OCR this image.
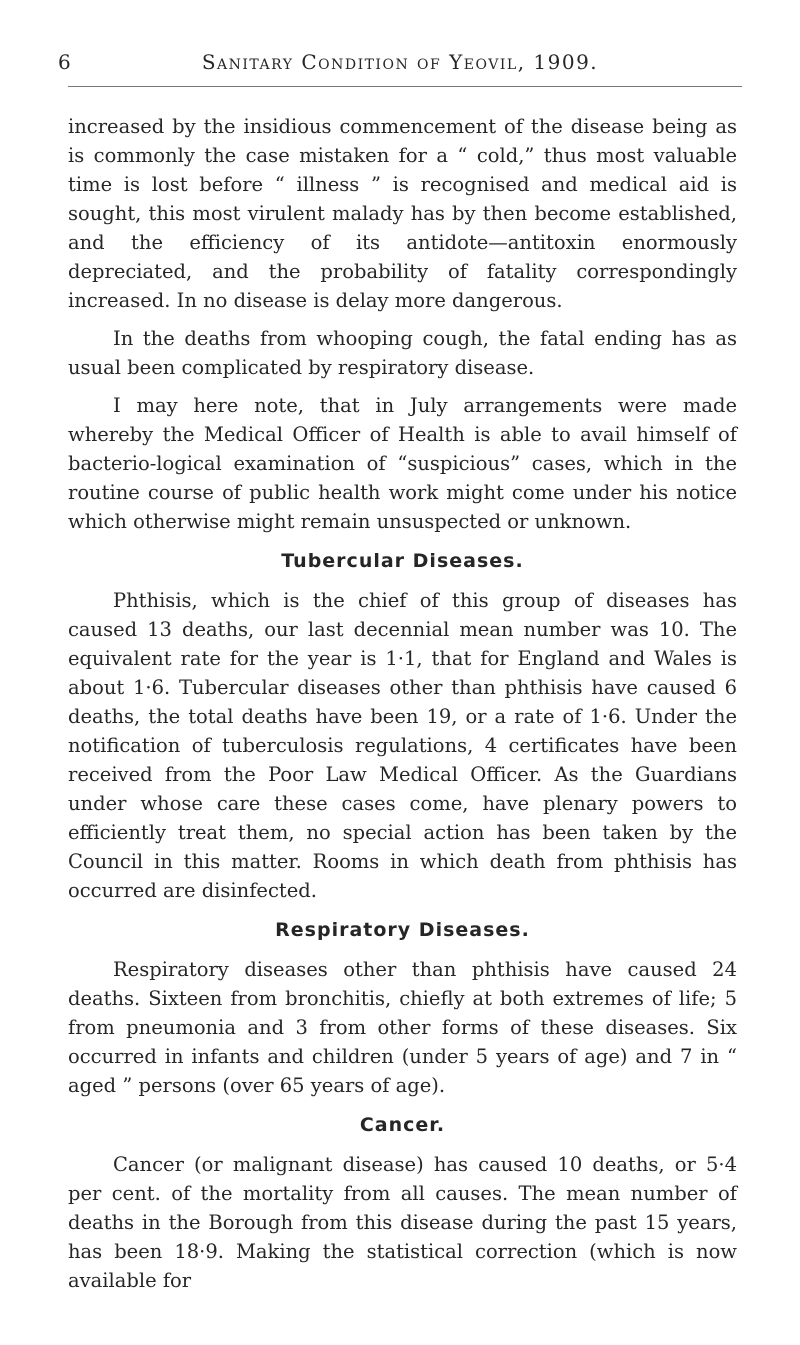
6	Sanitary Condition of Yeovil, 1909.

increased by the insidious commencement of the disease being as is commonly the case mistaken for a “ cold,” thus most valuable time is lost before “ illness ” is recognised and medical aid is sought, this most virulent malady has by then become established, and the efficiency of its antidote—antitoxin enormously depreciated, and the probability of fatality correspondingly increased. In no disease is delay more dangerous.

In the deaths from whooping cough, the fatal ending has as usual been complicated by respiratory disease.

I may here note, that in July arrangements were made whereby the Medical Officer of Health is able to avail himself of bacterio-logical examination of “suspicious” cases, which in the routine course of public health work might come under his notice which otherwise might remain unsuspected or unknown.

Tubercular Diseases.

Phthisis, which is the chief of this group of diseases has caused 13 deaths, our last decennial mean number was 10. The equivalent rate for the year is 1·1, that for England and Wales is about 1·6. Tubercular diseases other than phthisis have caused 6 deaths, the total deaths have been 19, or a rate of 1·6. Under the notification of tuberculosis regulations, 4 certificates have been received from the Poor Law Medical Officer. As the Guardians under whose care these cases come, have plenary powers to efficiently treat them, no special action has been taken by the Council in this matter. Rooms in which death from phthisis has occurred are disinfected.

Respiratory Diseases.

Respiratory diseases other than phthisis have caused 24 deaths. Sixteen from bronchitis, chiefly at both extremes of life; 5 from pneumonia and 3 from other forms of these diseases. Six occurred in infants and children (under 5 years of age) and 7 in “ aged ” persons (over 65 years of age).

Cancer.

Cancer (or malignant disease) has caused 10 deaths, or 5·4 per cent. of the mortality from all causes. The mean number of deaths in the Borough from this disease during the past 15 years, has been 18·9. Making the statistical correction (which is now available for
